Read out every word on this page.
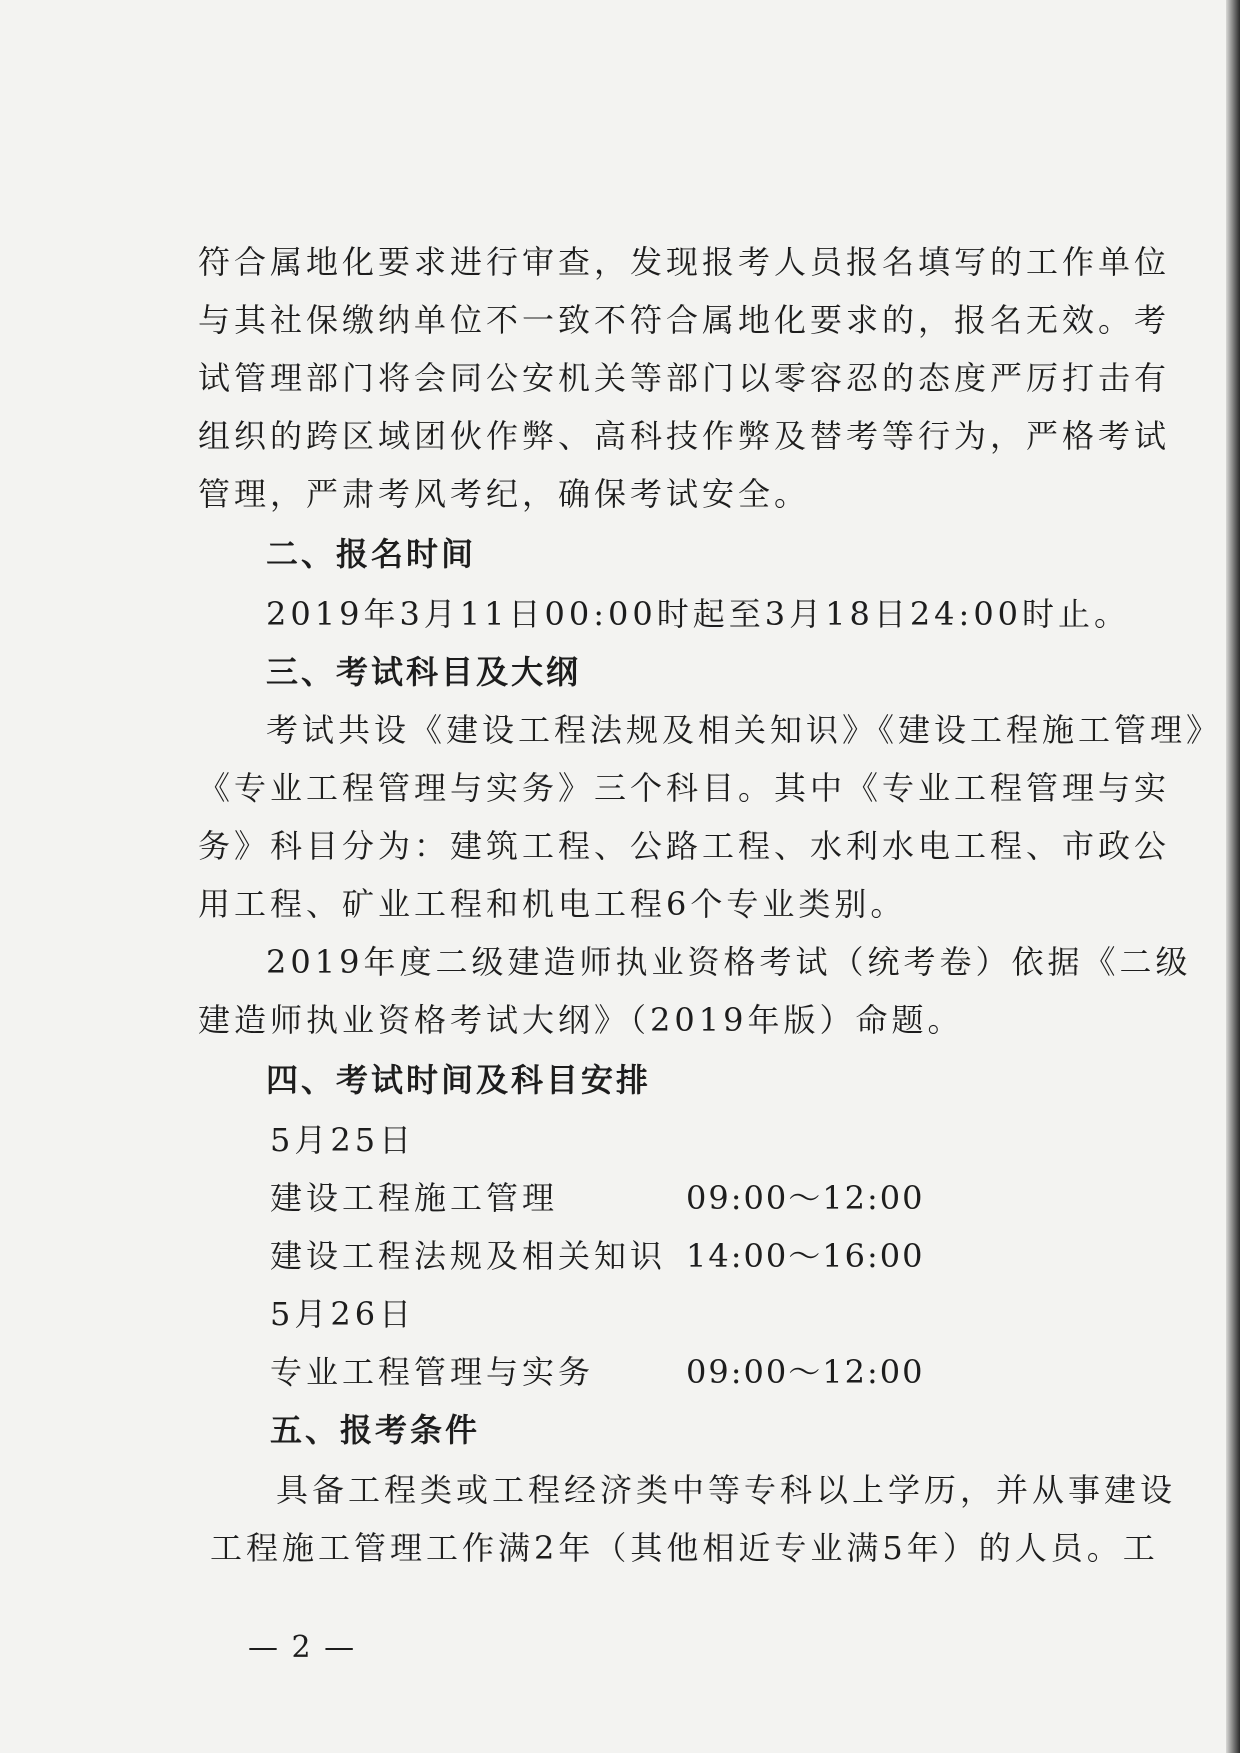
符合属地化要求进行审查，发现报考人员报名填写的工作单位
与其社保缴纳单位不一致不符合属地化要求的，报名无效。考
试管理部门将会同公安机关等部门以零容忍的态度严厉打击有
组织的跨区域团伙作弊、高科技作弊及替考等行为，严格考试
管理，严肃考风考纪，确保考试安全。
二、报名时间
2019年3月11日00:00时起至3月18日24:00时止。
三、考试科目及大纲
考试共设《建设工程法规及相关知识》《建设工程施工管理》
《专业工程管理与实务》三个科目。其中《专业工程管理与实
务》科目分为：建筑工程、公路工程、水利水电工程、市政公
用工程、矿业工程和机电工程6个专业类别。
2019年度二级建造师执业资格考试（统考卷）依据《二级
建造师执业资格考试大纲》（2019年版）命题。
四、考试时间及科目安排
5月25日
建设工程施工管理	09:00～12:00
建设工程法规及相关知识 14:00～16:00
5月26日
专业工程管理与实务	09:00～12:00
五、报考条件
具备工程类或工程经济类中等专科以上学历，并从事建设
工程施工管理工作满2年（其他相近专业满5年）的人员。工
— 2 —
